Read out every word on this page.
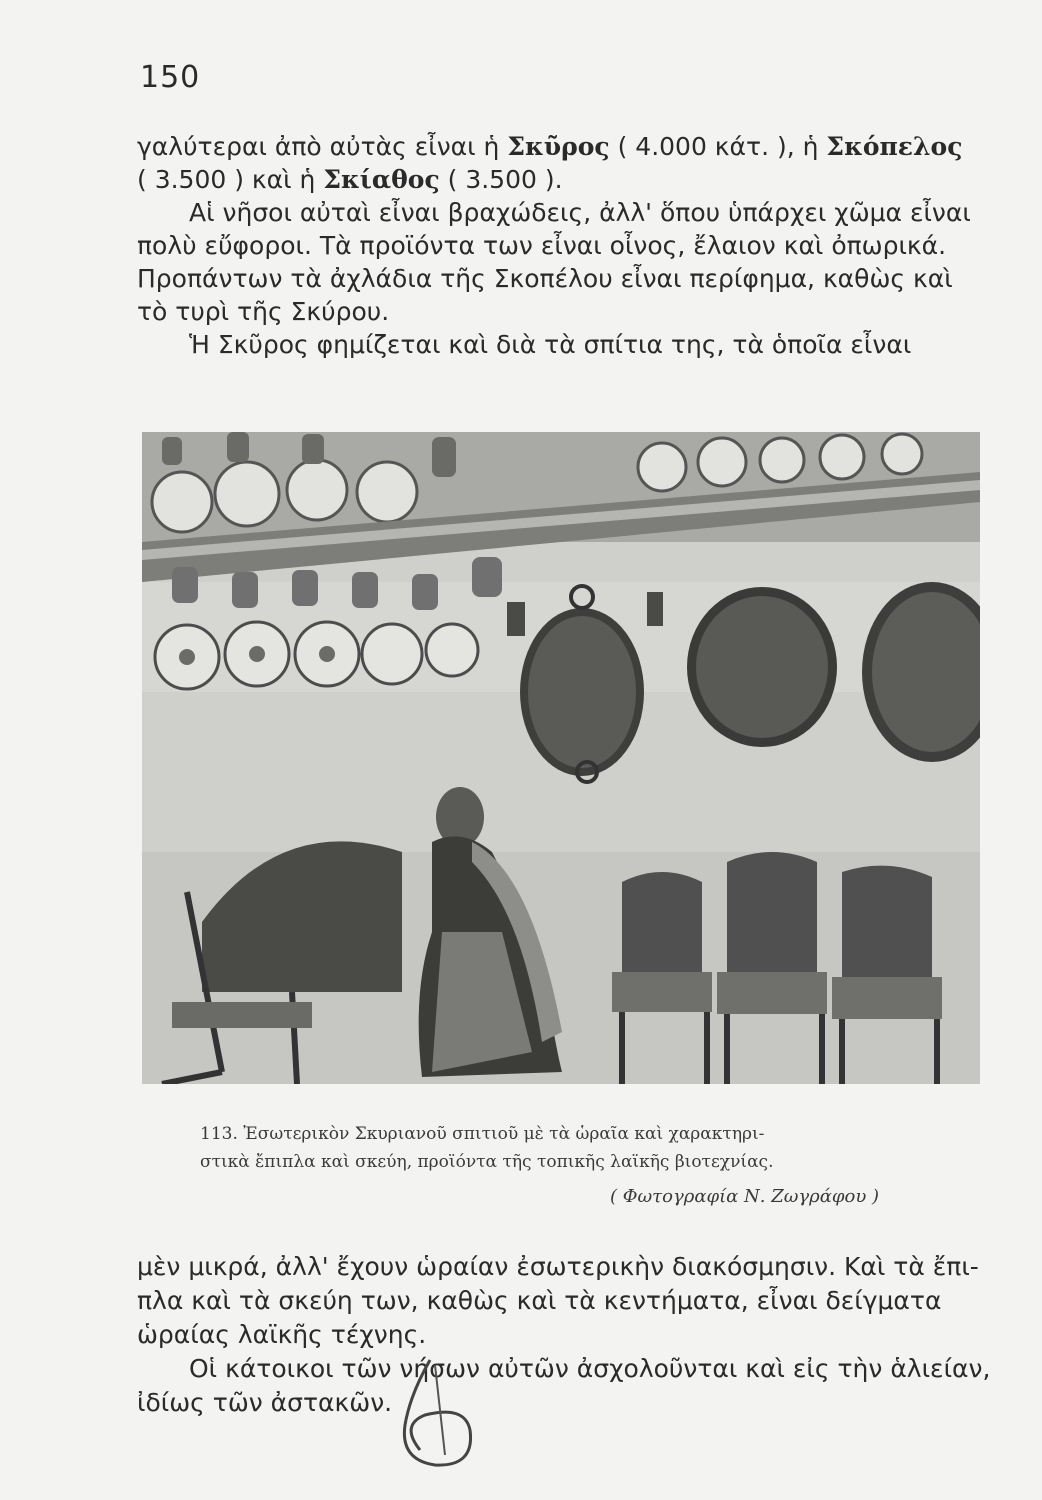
150
γαλύτεραι ἀπὸ αὐτὰς εἶναι ἡ Σκῦρος ( 4.000 κάτ. ), ἡ Σκόπελος
( 3.500 ) καὶ ἡ
Σκίαθος
( 3.500 ).
Αἱ νῆσοι αὐταὶ εἶναι βραχώδεις, ἀλλ' ὅπου ὑπάρχει χῶμα εἶναι
πολὺ εὔφοροι. Τὰ προϊόντα των εἶναι οἶνος, ἔλαιον καὶ ὀπωρικά.
Προπάντων τὰ ἀχλάδια τῆς Σκοπέλου εἶναι περίφημα, καθὼς καὶ
τὸ τυρὶ τῆς Σκύρου.
Ἡ Σκῦρος φημίζεται καὶ διὰ τὰ σπίτια της, τὰ ὁποῖα εἶναι
113. Ἐσωτερικὸν Σκυριανοῦ σπιτιοῦ μὲ τὰ ὡραῖα καὶ χαρακτηρι-
στικὰ ἔπιπλα καὶ σκεύη, προϊόντα τῆς τοπικῆς λαϊκῆς βιοτεχνίας.
( Φωτογραφία Ν. Ζωγράφου )
μὲν μικρά, ἀλλ' ἔχουν ὡραίαν ἐσωτερικὴν διακόσμησιν. Καὶ τὰ ἔπι-
πλα καὶ τὰ σκεύη των, καθὼς καὶ τὰ κεντήματα, εἶναι δείγματα
ὡραίας λαϊκῆς τέχνης.
Οἱ κάτοικοι τῶν νήσων αὐτῶν ἀσχολοῦνται καὶ εἰς τὴν ἁλιείαν,
ἰδίως τῶν ἀστακῶν.
